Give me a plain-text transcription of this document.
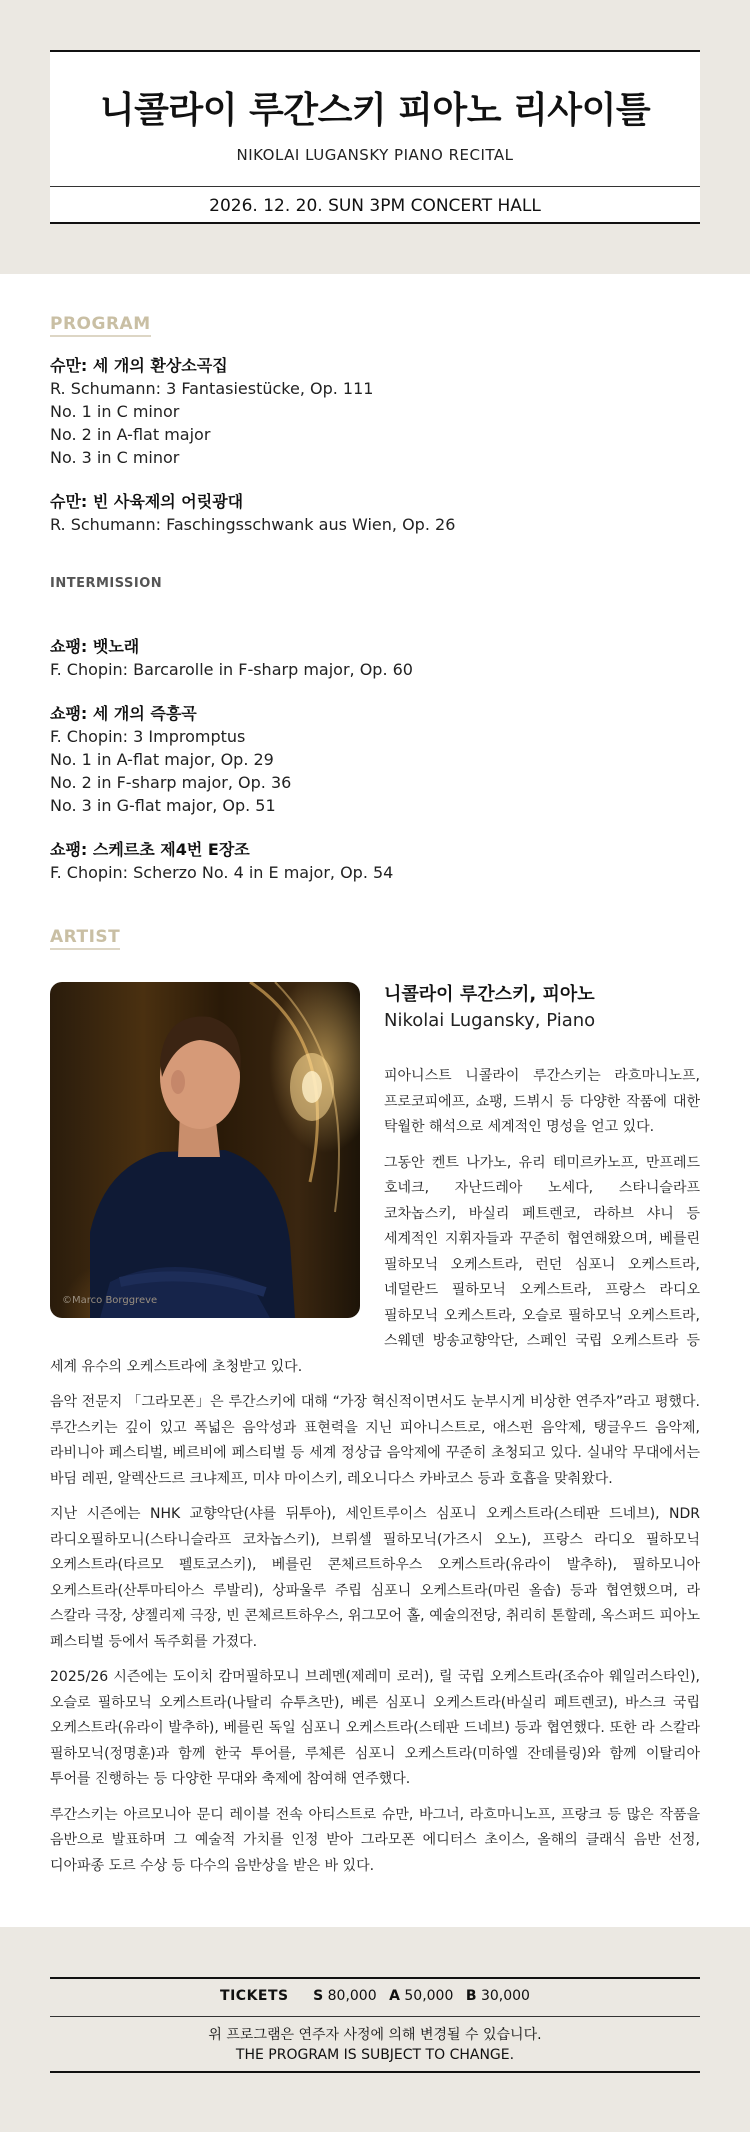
니콜라이 루간스키 피아노 리사이틀
NIKOLAI LUGANSKY PIANO RECITAL
2026. 12. 20. SUN 3PM CONCERT HALL
PROGRAM
슈만: 세 개의 환상소곡집
R. Schumann: 3 Fantasiestücke, Op. 111
No. 1 in C minor
No. 2 in A-flat major
No. 3 in C minor
슈만: 빈 사육제의 어릿광대
R. Schumann: Faschingsschwank aus Wien, Op. 26
INTERMISSION
쇼팽: 뱃노래
F. Chopin: Barcarolle in F-sharp major, Op. 60
쇼팽: 세 개의 즉흥곡
F. Chopin: 3 Impromptus
No. 1 in A-flat major, Op. 29
No. 2 in F-sharp major, Op. 36
No. 3 in G-flat major, Op. 51
쇼팽: 스케르초 제4번 E장조
F. Chopin: Scherzo No. 4 in E major, Op. 54
ARTIST
©Marco Borggreve
니콜라이 루간스키, 피아노
Nikolai Lugansky, Piano

피아니스트 니콜라이 루간스키는 라흐마니노프, 프로코피에프, 쇼팽, 드뷔시 등 다양한 작품에 대한 탁월한 해석으로 세계적인 명성을 얻고 있다.

그동안 켄트 나가노, 유리 테미르카노프, 만프레드 호네크, 자난드레아 노세다, 스타니슬라프 코차놉스키, 바실리 페트렌코, 라하브 샤니 등 세계적인 지휘자들과 꾸준히 협연해왔으며, 베를린 필하모닉 오케스트라, 런던 심포니 오케스트라, 네덜란드 필하모닉 오케스트라, 프랑스 라디오 필하모닉 오케스트라, 오슬로 필하모닉 오케스트라, 스웨덴 방송교향악단, 스페인 국립 오케스트라 등 세계 유수의 오케스트라에 초청받고 있다.

음악 전문지 「그라모폰」은 루간스키에 대해 “가장 혁신적이면서도 눈부시게 비상한 연주자”라고 평했다. 루간스키는 깊이 있고 폭넓은 음악성과 표현력을 지닌 피아니스트로, 애스펀 음악제, 탱글우드 음악제, 라비니아 페스티벌, 베르비에 페스티벌 등 세계 정상급 음악제에 꾸준히 초청되고 있다. 실내악 무대에서는 바딤 레핀, 알렉산드르 크냐제프, 미샤 마이스키, 레오니다스 카바코스 등과 호흡을 맞춰왔다.

지난 시즌에는 NHK 교향악단(샤를 뒤투아), 세인트루이스 심포니 오케스트라(스테판 드네브), NDR 라디오필하모니(스타니슬라프 코차놉스키), 브뤼셀 필하모닉(가즈시 오노), 프랑스 라디오 필하모닉 오케스트라(타르모 펠토코스키), 베를린 콘체르트하우스 오케스트라(유라이 발추하), 필하모니아 오케스트라(산투마티아스 루발리), 상파울루 주립 심포니 오케스트라(마린 올솝) 등과 협연했으며, 라 스칼라 극장, 샹젤리제 극장, 빈 콘체르트하우스, 위그모어 홀, 예술의전당, 취리히 톤할레, 옥스퍼드 피아노 페스티벌 등에서 독주회를 가졌다.

2025/26 시즌에는 도이치 캄머필하모니 브레멘(제레미 로러), 릴 국립 오케스트라(조슈아 웨일러스타인), 오슬로 필하모닉 오케스트라(나탈리 슈투츠만), 베른 심포니 오케스트라(바실리 페트렌코), 바스크 국립 오케스트라(유라이 발추하), 베를린 독일 심포니 오케스트라(스테판 드네브) 등과 협연했다. 또한 라 스칼라 필하모닉(정명훈)과 함께 한국 투어를, 루체른 심포니 오케스트라(미하엘 잔데를링)와 함께 이탈리아 투어를 진행하는 등 다양한 무대와 축제에 참여해 연주했다.

루간스키는 아르모니아 문디 레이블 전속 아티스트로 슈만, 바그너, 라흐마니노프, 프랑크 등 많은 작품을 음반으로 발표하며 그 예술적 가치를 인정 받아 그라모폰 에디터스 초이스, 올해의 클래식 음반 선정, 디아파종 도르 수상 등 다수의 음반상을 받은 바 있다.

TICKETS S 80,000 A 50,000 B 30,000
위 프로그램은 연주자 사정에 의해 변경될 수 있습니다.
THE PROGRAM IS SUBJECT TO CHANGE.
